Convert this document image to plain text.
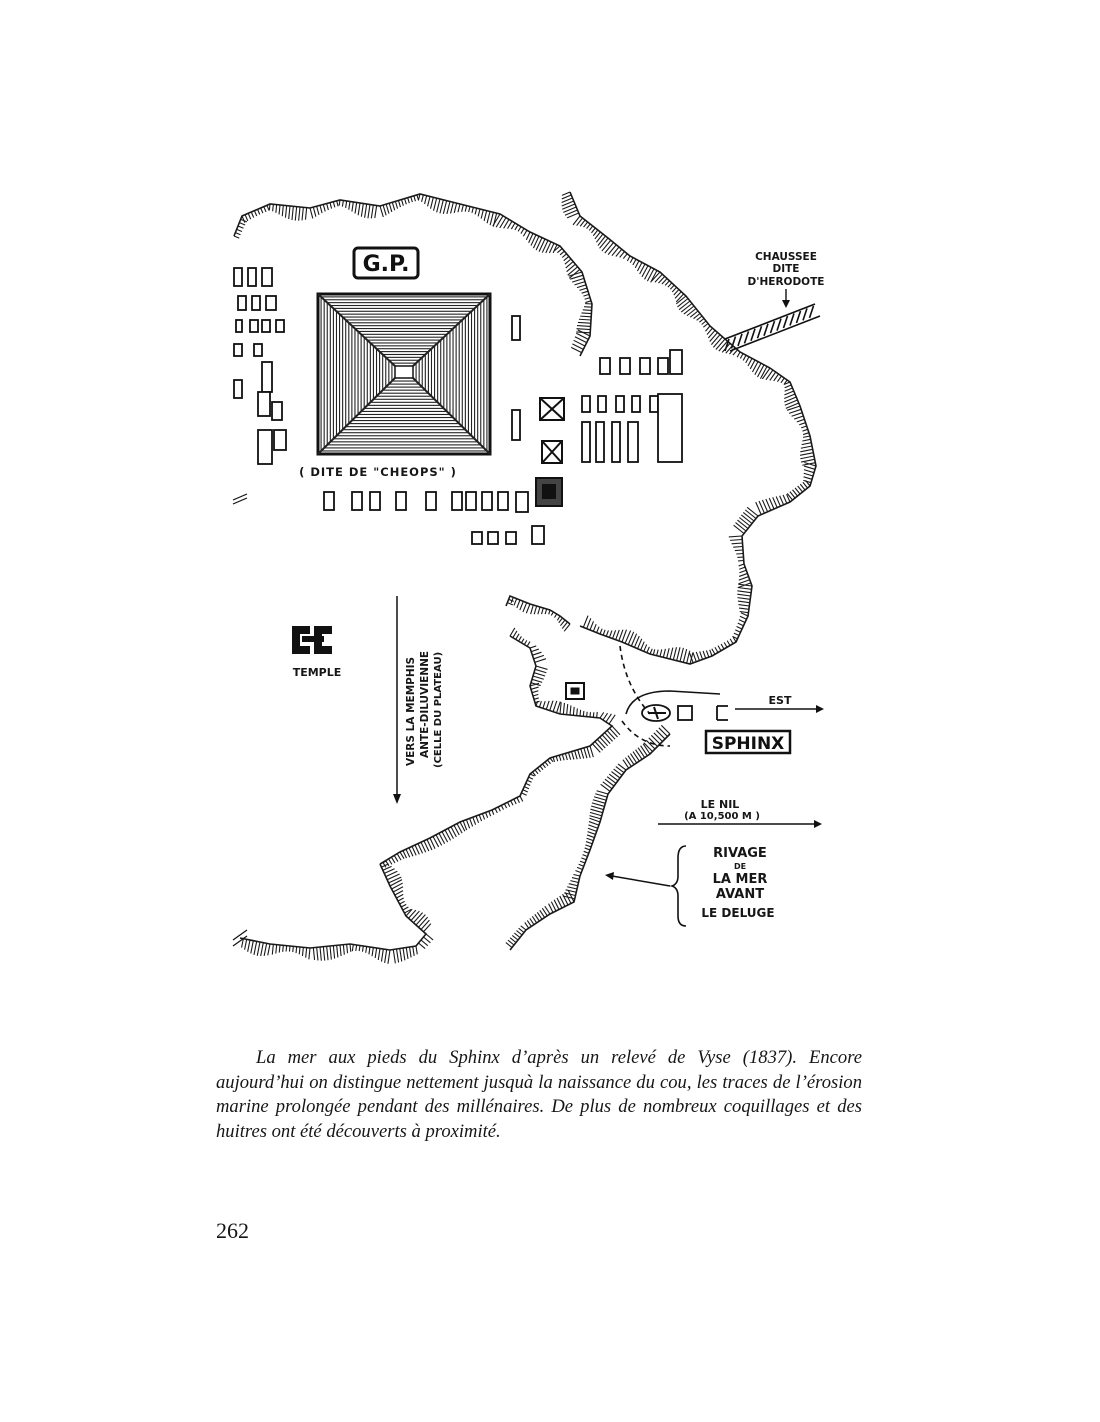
G.P.
( DITE DE "CHEOPS" )
CHAUSSEE
DITE
D'HERODOTE
TEMPLE	VERS LA MEMPHIS ANTE-DILUVIENNE (CELLE DU PLATEAU)	EST
SPHINX
LE NIL
(A 10,500 M )
RIVAGE
DE
LA MER
AVANT
LE DELUGE

La mer aux pieds du Sphinx d’après un relevé de Vyse (1837). Encore aujourd’hui on distingue nettement jusquà la naissance du cou, les traces de l’érosion marine prolongée pendant des millénaires. De plus de nombreux coquillages et des huitres ont été découverts à proximité.

262
